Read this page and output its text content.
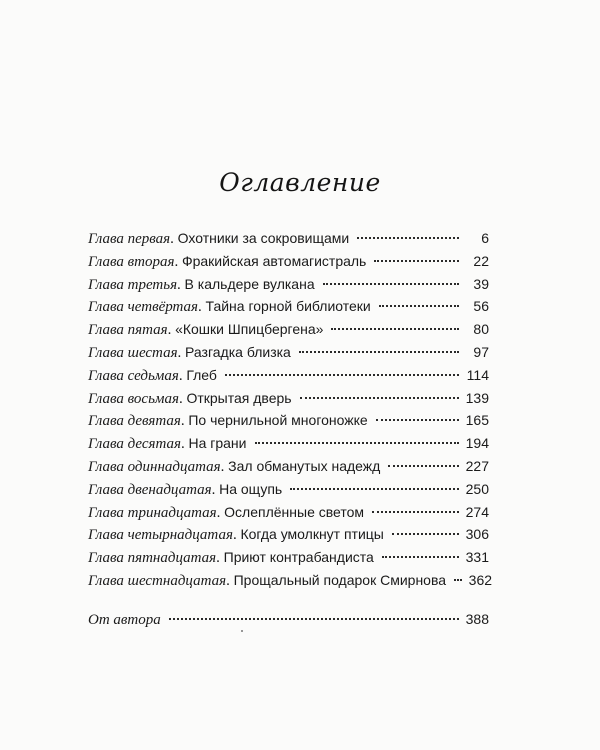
Оглавление
Глава первая . Охотники за сокровищами	6
Глава вторая . Фракийская автомагистраль	22
Глава третья . В кальдере вулкана	39
Глава четвёртая . Тайна горной библиотеки	56
Глава пятая . «Кошки Шпицбергена»	80
Глава шестая . Разгадка близка	97
Глава седьмая . Глеб	114
Глава восьмая . Открытая дверь	139
Глава девятая . По чернильной многоножке	165
Глава десятая . На грани	194
Глава одиннадцатая . Зал обманутых надежд	227
Глава двенадцатая . На ощупь	250
Глава тринадцатая . Ослеплённые светом	274
Глава четырнадцатая . Когда умолкнут птицы	306
Глава пятнадцатая . Приют контрабандиста	331
Глава шестнадцатая . Прощальный подарок Смирнова 362
От автора	388
